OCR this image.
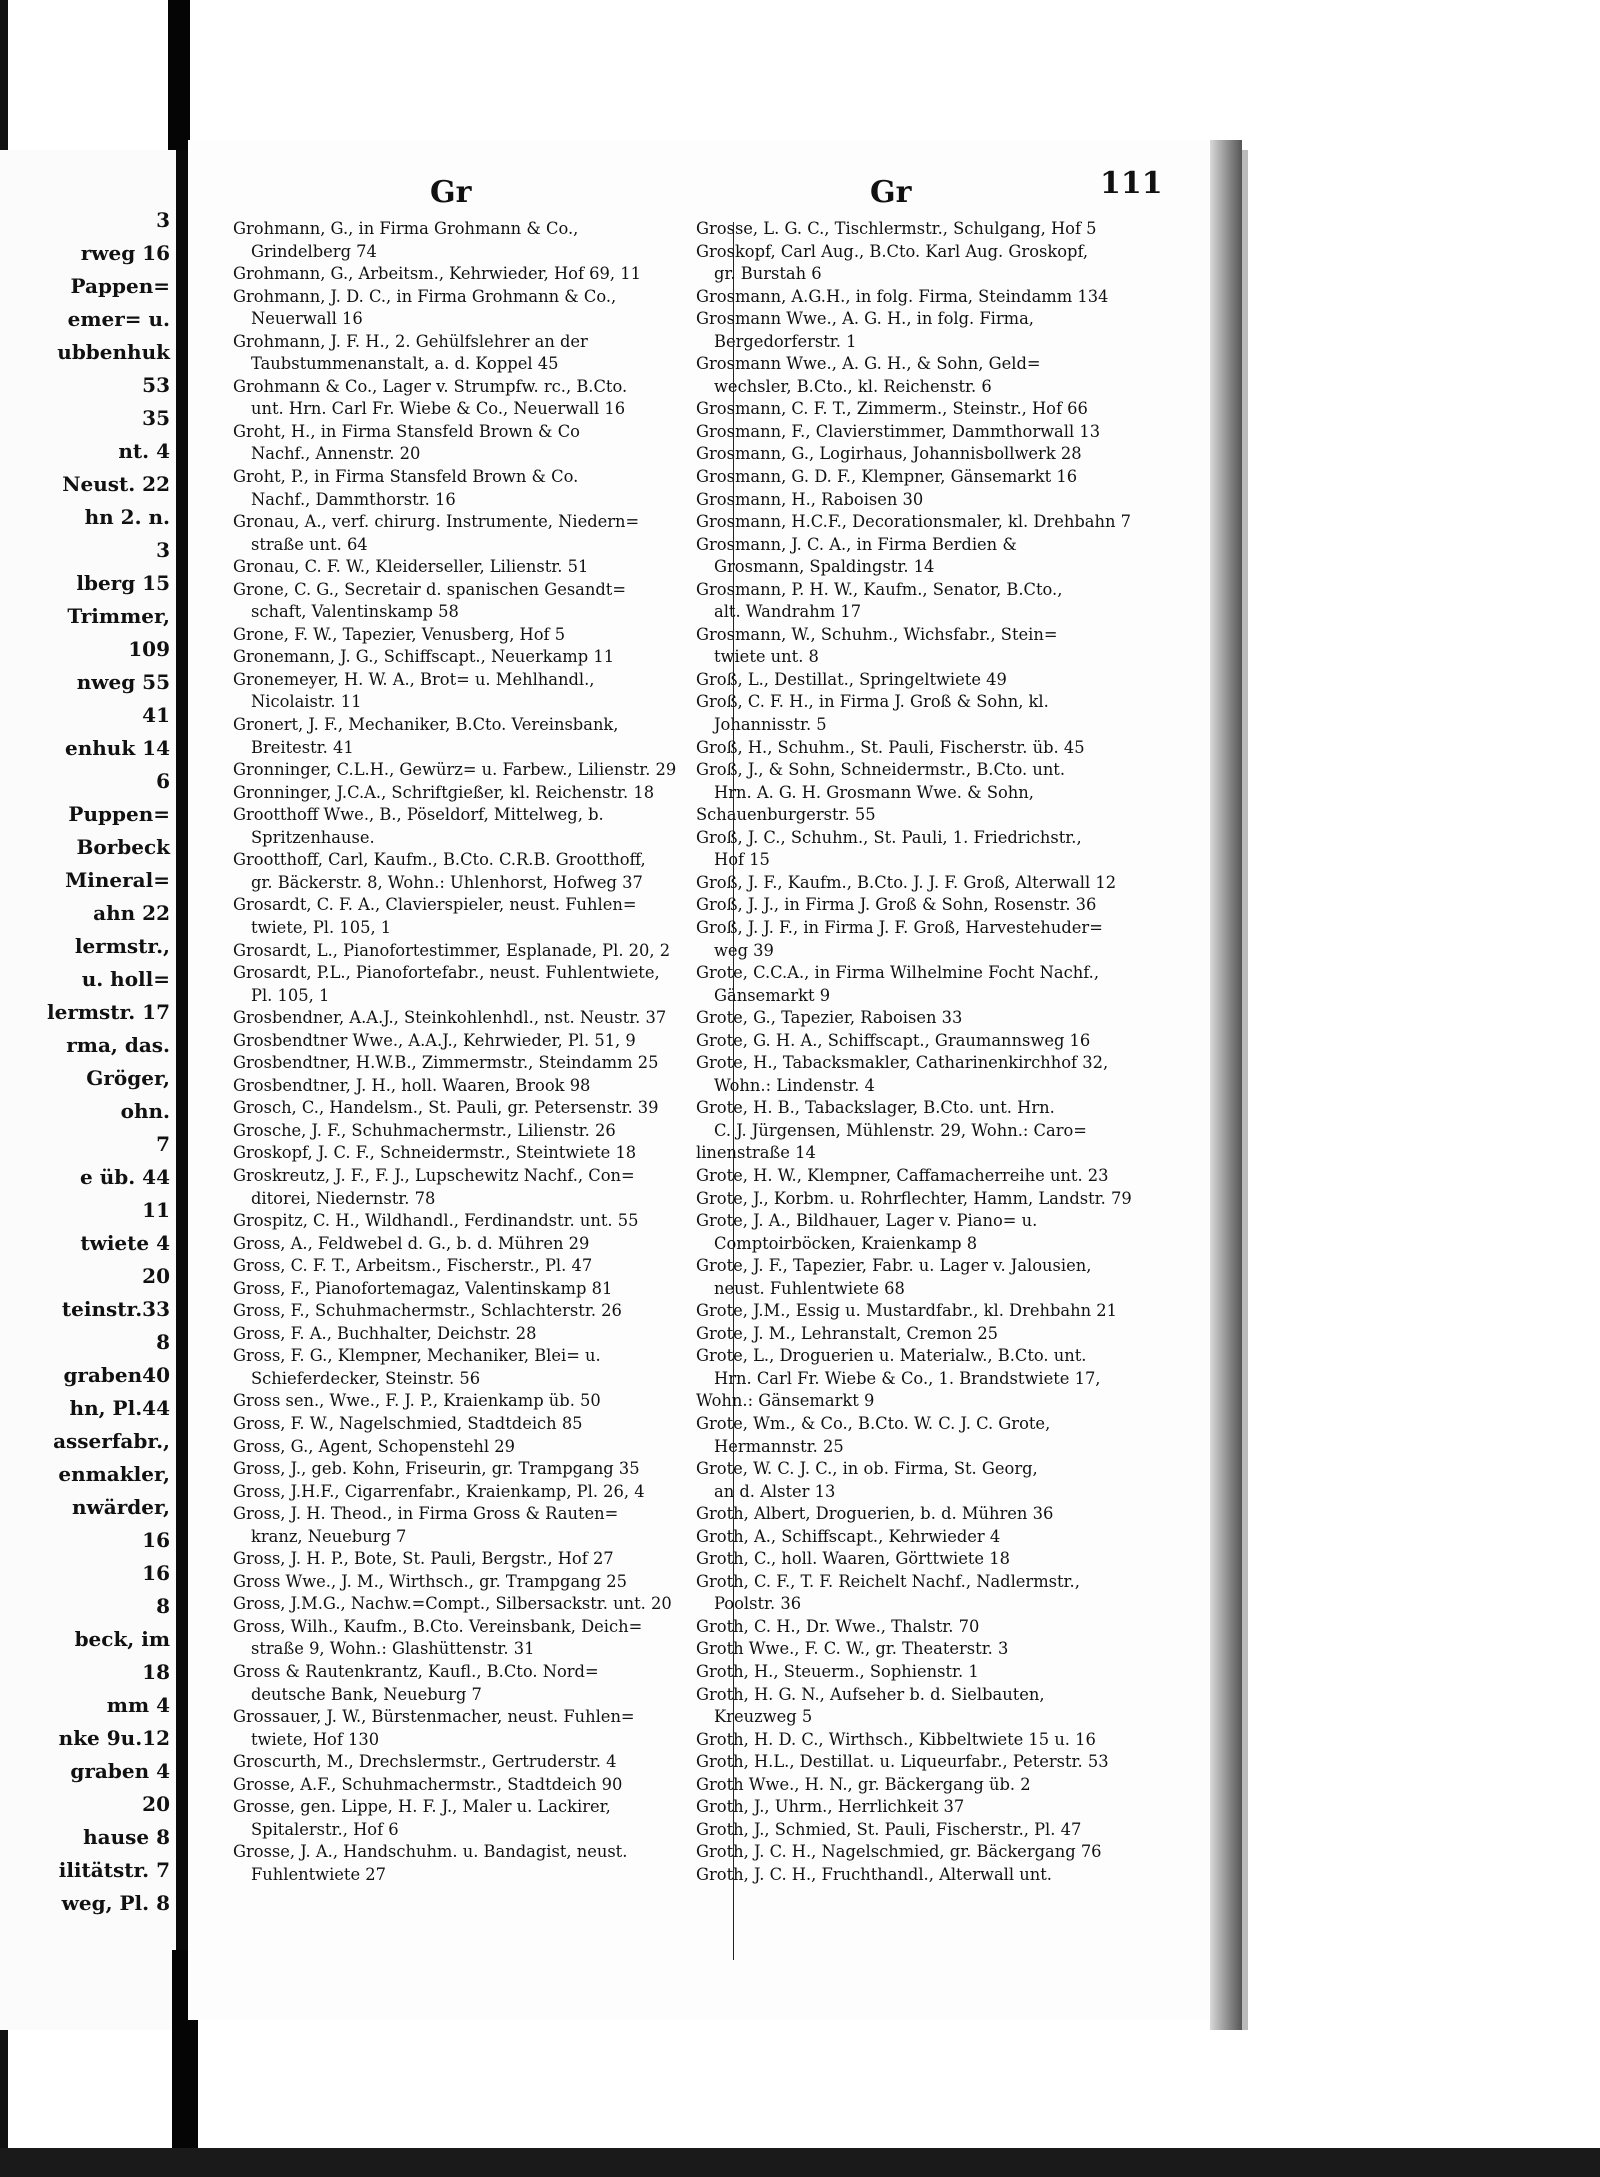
3
rweg 16
Pappen=
emer= u.
ubbenhuk
53
35
nt. 4
Neust. 22
hn 2. n.
3
lberg 15
Trimmer,
109
nweg 55
41
enhuk 14
6
Puppen=
Borbeck
Mineral=
ahn 22
lermstr.,
u. holl=
lermstr. 17
rma, das.
Gröger,
ohn.
7
e üb. 44
11
twiete 4
20
teinstr.33
8
graben40
hn, Pl.44
asserfabr.,
enmakler,
nwärder,
16
16
8
beck, im
18
mm 4
nke 9u.12
graben 4
20
hause 8
ilitätstr. 7
weg, Pl. 8
Gr	Gr	111
Grohmann, G., in Firma Grohmann & Co.,
Grindelberg 74
Grohmann, G., Arbeitsm., Kehrwieder, Hof 69, 11
Grohmann, J. D. C., in Firma Grohmann & Co.,
Neuerwall 16
Grohmann, J. F. H., 2. Gehülfslehrer an der
Taubstummenanstalt, a. d. Koppel 45
Grohmann & Co., Lager v. Strumpfw. rc., B.Cto.
unt. Hrn. Carl Fr. Wiebe & Co., Neuerwall 16
Groht, H., in Firma Stansfeld Brown & Co
Nachf., Annenstr. 20
Groht, P., in Firma Stansfeld Brown & Co.
Nachf., Dammthorstr. 16
Gronau, A., verf. chirurg. Instrumente, Niedern=
straße unt. 64
Gronau, C. F. W., Kleiderseller, Lilienstr. 51
Grone, C. G., Secretair d. spanischen Gesandt=
schaft, Valentinskamp 58
Grone, F. W., Tapezier, Venusberg, Hof 5
Gronemann, J. G., Schiffscapt., Neuerkamp 11
Gronemeyer, H. W. A., Brot= u. Mehlhandl.,
Nicolaistr. 11
Gronert, J. F., Mechaniker, B.Cto. Vereinsbank,
Breitestr. 41
Gronninger, C.L.H., Gewürz= u. Farbew., Lilienstr. 29
Gronninger, J.C.A., Schriftgießer, kl. Reichenstr. 18
Grootthoff Wwe., B., Pöseldorf, Mittelweg, b.
Spritzenhause.
Grootthoff, Carl, Kaufm., B.Cto. C.R.B. Grootthoff,
gr. Bäckerstr. 8, Wohn.: Uhlenhorst, Hofweg 37
Grosardt, C. F. A., Clavierspieler, neust. Fuhlen=
twiete, Pl. 105, 1
Grosardt, L., Pianofortestimmer, Esplanade, Pl. 20, 2
Grosardt, P.L., Pianofortefabr., neust. Fuhlentwiete,
Pl. 105, 1
Grosbendner, A.A.J., Steinkohlenhdl., nst. Neustr. 37
Grosbendtner Wwe., A.A.J., Kehrwieder, Pl. 51, 9
Grosbendtner, H.W.B., Zimmermstr., Steindamm 25
Grosbendtner, J. H., holl. Waaren, Brook 98
Grosch, C., Handelsm., St. Pauli, gr. Petersenstr. 39
Grosche, J. F., Schuhmachermstr., Lilienstr. 26
Groskopf, J. C. F., Schneidermstr., Steintwiete 18
Groskreutz, J. F., F. J., Lupschewitz Nachf., Con=
ditorei, Niedernstr. 78
Grospitz, C. H., Wildhandl., Ferdinandstr. unt. 55
Gross, A., Feldwebel d. G., b. d. Mühren 29
Gross, C. F. T., Arbeitsm., Fischerstr., Pl. 47
Gross, F., Pianofortemagaz, Valentinskamp 81
Gross, F., Schuhmachermstr., Schlachterstr. 26
Gross, F. A., Buchhalter, Deichstr. 28
Gross, F. G., Klempner, Mechaniker, Blei= u.
Schieferdecker, Steinstr. 56
Gross sen., Wwe., F. J. P., Kraienkamp üb. 50
Gross, F. W., Nagelschmied, Stadtdeich 85
Gross, G., Agent, Schopenstehl 29
Gross, J., geb. Kohn, Friseurin, gr. Trampgang 35
Gross, J.H.F., Cigarrenfabr., Kraienkamp, Pl. 26, 4
Gross, J. H. Theod., in Firma Gross & Rauten=
kranz, Neueburg 7
Gross, J. H. P., Bote, St. Pauli, Bergstr., Hof 27
Gross Wwe., J. M., Wirthsch., gr. Trampgang 25
Gross, J.M.G., Nachw.=Compt., Silbersackstr. unt. 20
Gross, Wilh., Kaufm., B.Cto. Vereinsbank, Deich=
straße 9, Wohn.: Glashüttenstr. 31
Gross & Rautenkrantz, Kaufl., B.Cto. Nord=
deutsche Bank, Neueburg 7
Grossauer, J. W., Bürstenmacher, neust. Fuhlen=
twiete, Hof 130
Groscurth, M., Drechslermstr., Gertruderstr. 4
Grosse, A.F., Schuhmachermstr., Stadtdeich 90
Grosse, gen. Lippe, H. F. J., Maler u. Lackirer,
Spitalerstr., Hof 6
Grosse, J. A., Handschuhm. u. Bandagist, neust.
Fuhlentwiete 27
Grosse, L. G. C., Tischlermstr., Schulgang, Hof 5
Groskopf, Carl Aug., B.Cto. Karl Aug. Groskopf,
gr. Burstah 6
Grosmann, A.G.H., in folg. Firma, Steindamm 134
Grosmann Wwe., A. G. H., in folg. Firma,
Bergedorferstr. 1
Grosmann Wwe., A. G. H., & Sohn, Geld=
wechsler, B.Cto., kl. Reichenstr. 6
Grosmann, C. F. T., Zimmerm., Steinstr., Hof 66
Grosmann, F., Clavierstimmer, Dammthorwall 13
Grosmann, G., Logirhaus, Johannisbollwerk 28
Grosmann, G. D. F., Klempner, Gänsemarkt 16
Grosmann, H., Raboisen 30
Grosmann, H.C.F., Decorationsmaler, kl. Drehbahn 7
Grosmann, J. C. A., in Firma Berdien &
Grosmann, Spaldingstr. 14
Grosmann, P. H. W., Kaufm., Senator, B.Cto.,
alt. Wandrahm 17
Grosmann, W., Schuhm., Wichsfabr., Stein=
twiete unt. 8
Groß, L., Destillat., Springeltwiete 49
Groß, C. F. H., in Firma J. Groß & Sohn, kl.
Johannisstr. 5
Groß, H., Schuhm., St. Pauli, Fischerstr. üb. 45
Groß, J., & Sohn, Schneidermstr., B.Cto. unt.
Hrn. A. G. H. Grosmann Wwe. & Sohn,
Schauenburgerstr. 55
Groß, J. C., Schuhm., St. Pauli, 1. Friedrichstr.,
Hof 15
Groß, J. F., Kaufm., B.Cto. J. J. F. Groß, Alterwall 12
Groß, J. J., in Firma J. Groß & Sohn, Rosenstr. 36
Groß, J. J. F., in Firma J. F. Groß, Harvestehuder=
weg 39
Grote, C.C.A., in Firma Wilhelmine Focht Nachf.,
Gänsemarkt 9
Grote, G., Tapezier, Raboisen 33
Grote, G. H. A., Schiffscapt., Graumannsweg 16
Grote, H., Tabacksmakler, Catharinenkirchhof 32,
Wohn.: Lindenstr. 4
Grote, H. B., Tabackslager, B.Cto. unt. Hrn.
C. J. Jürgensen, Mühlenstr. 29, Wohn.: Caro=
linenstraße 14
Grote, H. W., Klempner, Caffamacherreihe unt. 23
Grote, J., Korbm. u. Rohrflechter, Hamm, Landstr. 79
Grote, J. A., Bildhauer, Lager v. Piano= u.
Comptoirböcken, Kraienkamp 8
Grote, J. F., Tapezier, Fabr. u. Lager v. Jalousien,
neust. Fuhlentwiete 68
Grote, J.M., Essig u. Mustardfabr., kl. Drehbahn 21
Grote, J. M., Lehranstalt, Cremon 25
Grote, L., Droguerien u. Materialw., B.Cto. unt.
Hrn. Carl Fr. Wiebe & Co., 1. Brandstwiete 17,
Wohn.: Gänsemarkt 9
Grote, Wm., & Co., B.Cto. W. C. J. C. Grote,
Hermannstr. 25
Grote, W. C. J. C., in ob. Firma, St. Georg,
an d. Alster 13
Groth, Albert, Droguerien, b. d. Mühren 36
Groth, A., Schiffscapt., Kehrwieder 4
Groth, C., holl. Waaren, Görttwiete 18
Groth, C. F., T. F. Reichelt Nachf., Nadlermstr.,
Poolstr. 36
Groth, C. H., Dr. Wwe., Thalstr. 70
Groth Wwe., F. C. W., gr. Theaterstr. 3
Groth, H., Steuerm., Sophienstr. 1
Groth, H. G. N., Aufseher b. d. Sielbauten,
Kreuzweg 5
Groth, H. D. C., Wirthsch., Kibbeltwiete 15 u. 16
Groth, H.L., Destillat. u. Liqueurfabr., Peterstr. 53
Groth Wwe., H. N., gr. Bäckergang üb. 2
Groth, J., Uhrm., Herrlichkeit 37
Groth, J., Schmied, St. Pauli, Fischerstr., Pl. 47
Groth, J. C. H., Nagelschmied, gr. Bäckergang 76
Groth, J. C. H., Fruchthandl., Alterwall unt.
